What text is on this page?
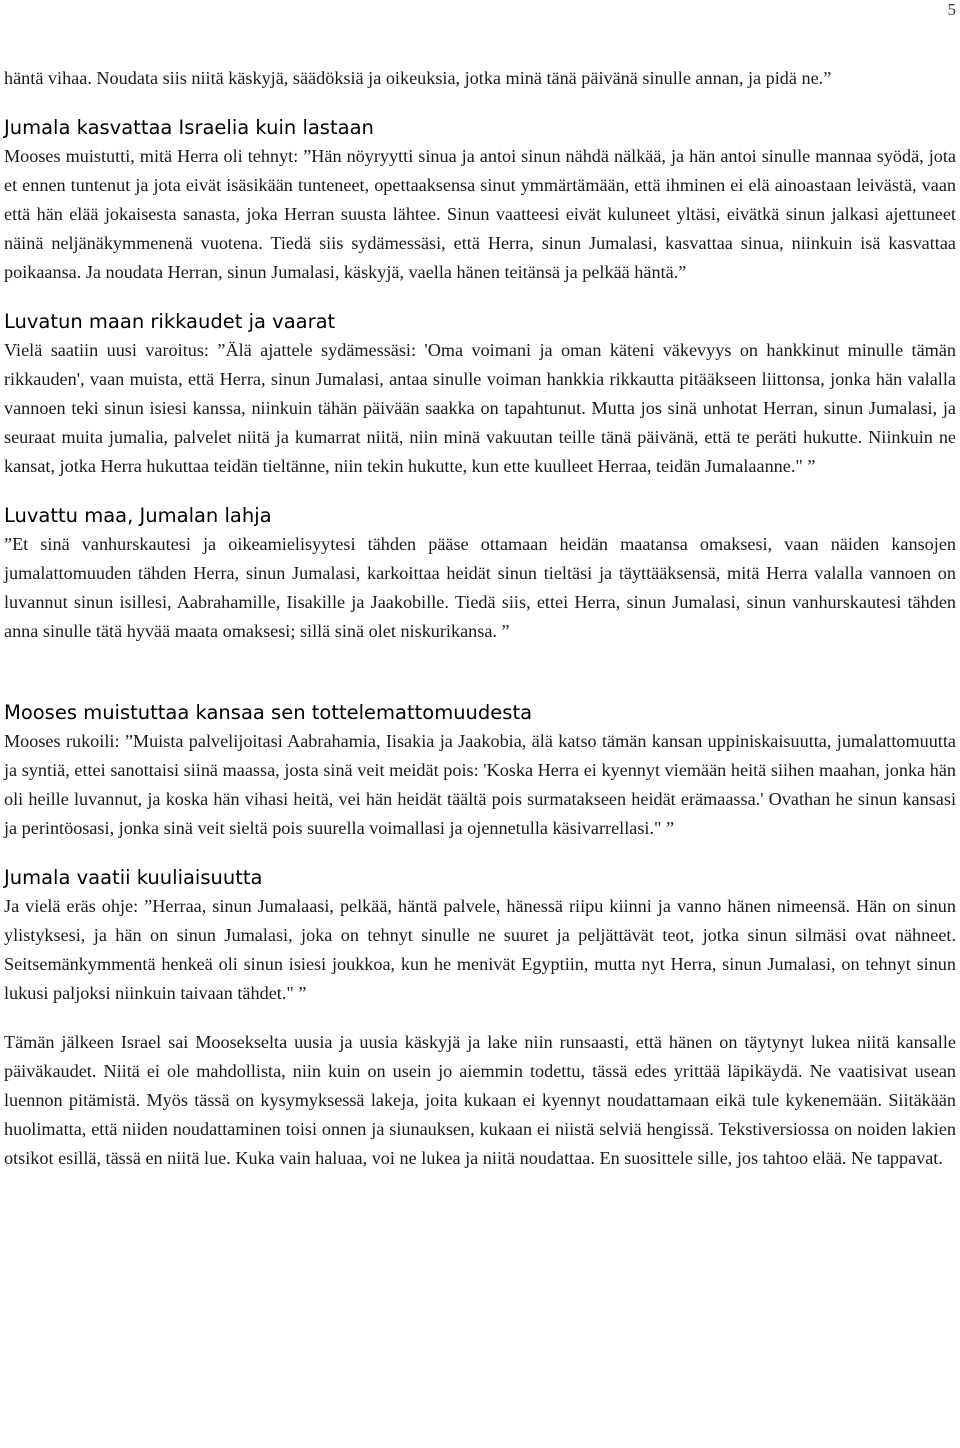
5

häntä vihaa. Noudata siis niitä käskyjä, säädöksiä ja oikeuksia, jotka minä tänä päivänä sinulle annan, ja pidä ne.”

Jumala kasvattaa Israelia kuin lastaan

Mooses muistutti, mitä Herra oli tehnyt: ”Hän nöyryytti sinua ja antoi sinun nähdä nälkää, ja hän antoi sinulle mannaa syödä, jota et ennen tuntenut ja jota eivät isäsikään tunteneet, opettaaksensa sinut ymmärtämään, että ihminen ei elä ainoastaan leivästä, vaan että hän elää jokaisesta sanasta, joka Herran suusta lähtee. Sinun vaatteesi eivät kuluneet yltäsi, eivätkä sinun jalkasi ajettuneet näinä neljänäkymmenenä vuotena. Tiedä siis sydämessäsi, että Herra, sinun Jumalasi, kasvattaa sinua, niinkuin isä kasvattaa poikaansa. Ja noudata Herran, sinun Jumalasi, käskyjä, vaella hänen teitänsä ja pelkää häntä.”

Luvatun maan rikkaudet ja vaarat

Vielä saatiin uusi varoitus: ”Älä ajattele sydämessäsi: 'Oma voimani ja oman käteni väkevyys on hankkinut minulle tämän rikkauden', vaan muista, että Herra, sinun Jumalasi, antaa sinulle voiman hankkia rikkautta pitääkseen liittonsa, jonka hän valalla vannoen teki sinun isiesi kanssa, niinkuin tähän päivään saakka on tapahtunut. Mutta jos sinä unhotat Herran, sinun Jumalasi, ja seuraat muita jumalia, palvelet niitä ja kumarrat niitä, niin minä vakuutan teille tänä päivänä, että te peräti hukutte. Niinkuin ne kansat, jotka Herra hukuttaa teidän tieltänne, niin tekin hukutte, kun ette kuulleet Herraa, teidän Jumalaanne." ”

Luvattu maa, Jumalan lahja

”Et sinä vanhurskautesi ja oikeamielisyytesi tähden pääse ottamaan heidän maatansa omaksesi, vaan näiden kansojen jumalattomuuden tähden Herra, sinun Jumalasi, karkoittaa heidät sinun tieltäsi ja täyttääksensä, mitä Herra valalla vannoen on luvannut sinun isillesi, Aabrahamille, Iisakille ja Jaakobille. Tiedä siis, ettei Herra, sinun Jumalasi, sinun vanhurskautesi tähden anna sinulle tätä hyvää maata omaksesi; sillä sinä olet niskurikansa. ”

Mooses muistuttaa kansaa sen tottelemattomuudesta

Mooses rukoili: ”Muista palvelijoitasi Aabrahamia, Iisakia ja Jaakobia, älä katso tämän kansan uppiniskaisuutta, jumalattomuutta ja syntiä, ettei sanottaisi siinä maassa, josta sinä veit meidät pois: 'Koska Herra ei kyennyt viemään heitä siihen maahan, jonka hän oli heille luvannut, ja koska hän vihasi heitä, vei hän heidät täältä pois surmatakseen heidät erämaassa.' Ovathan he sinun kansasi ja perintöosasi, jonka sinä veit sieltä pois suurella voimallasi ja ojennetulla käsivarrellasi." ”

Jumala vaatii kuuliaisuutta

Ja vielä eräs ohje: ”Herraa, sinun Jumalaasi, pelkää, häntä palvele, hänessä riipu kiinni ja vanno hänen nimeensä. Hän on sinun ylistyksesi, ja hän on sinun Jumalasi, joka on tehnyt sinulle ne suuret ja peljättävät teot, jotka sinun silmäsi ovat nähneet. Seitsemänkymmentä henkeä oli sinun isiesi joukkoa, kun he menivät Egyptiin, mutta nyt Herra, sinun Jumalasi, on tehnyt sinun lukusi paljoksi niinkuin taivaan tähdet." ”

Tämän jälkeen Israel sai Moosekselta uusia ja uusia käskyjä ja lake niin runsaasti, että hänen on täytynyt lukea niitä kansalle päiväkaudet. Niitä ei ole mahdollista, niin kuin on usein jo aiemmin todettu, tässä edes yrittää läpikäydä. Ne vaatisivat usean luennon pitämistä. Myös tässä on kysymyksessä lakeja, joita kukaan ei kyennyt noudattamaan eikä tule kykenemään. Siitäkään huolimatta, että niiden noudattaminen toisi onnen ja siunauksen, kukaan ei niistä selviä hengissä. Tekstiversiossa on noiden lakien otsikot esillä, tässä en niitä lue. Kuka vain haluaa, voi ne lukea ja niitä noudattaa. En suosittele sille, jos tahtoo elää. Ne tappavat.
